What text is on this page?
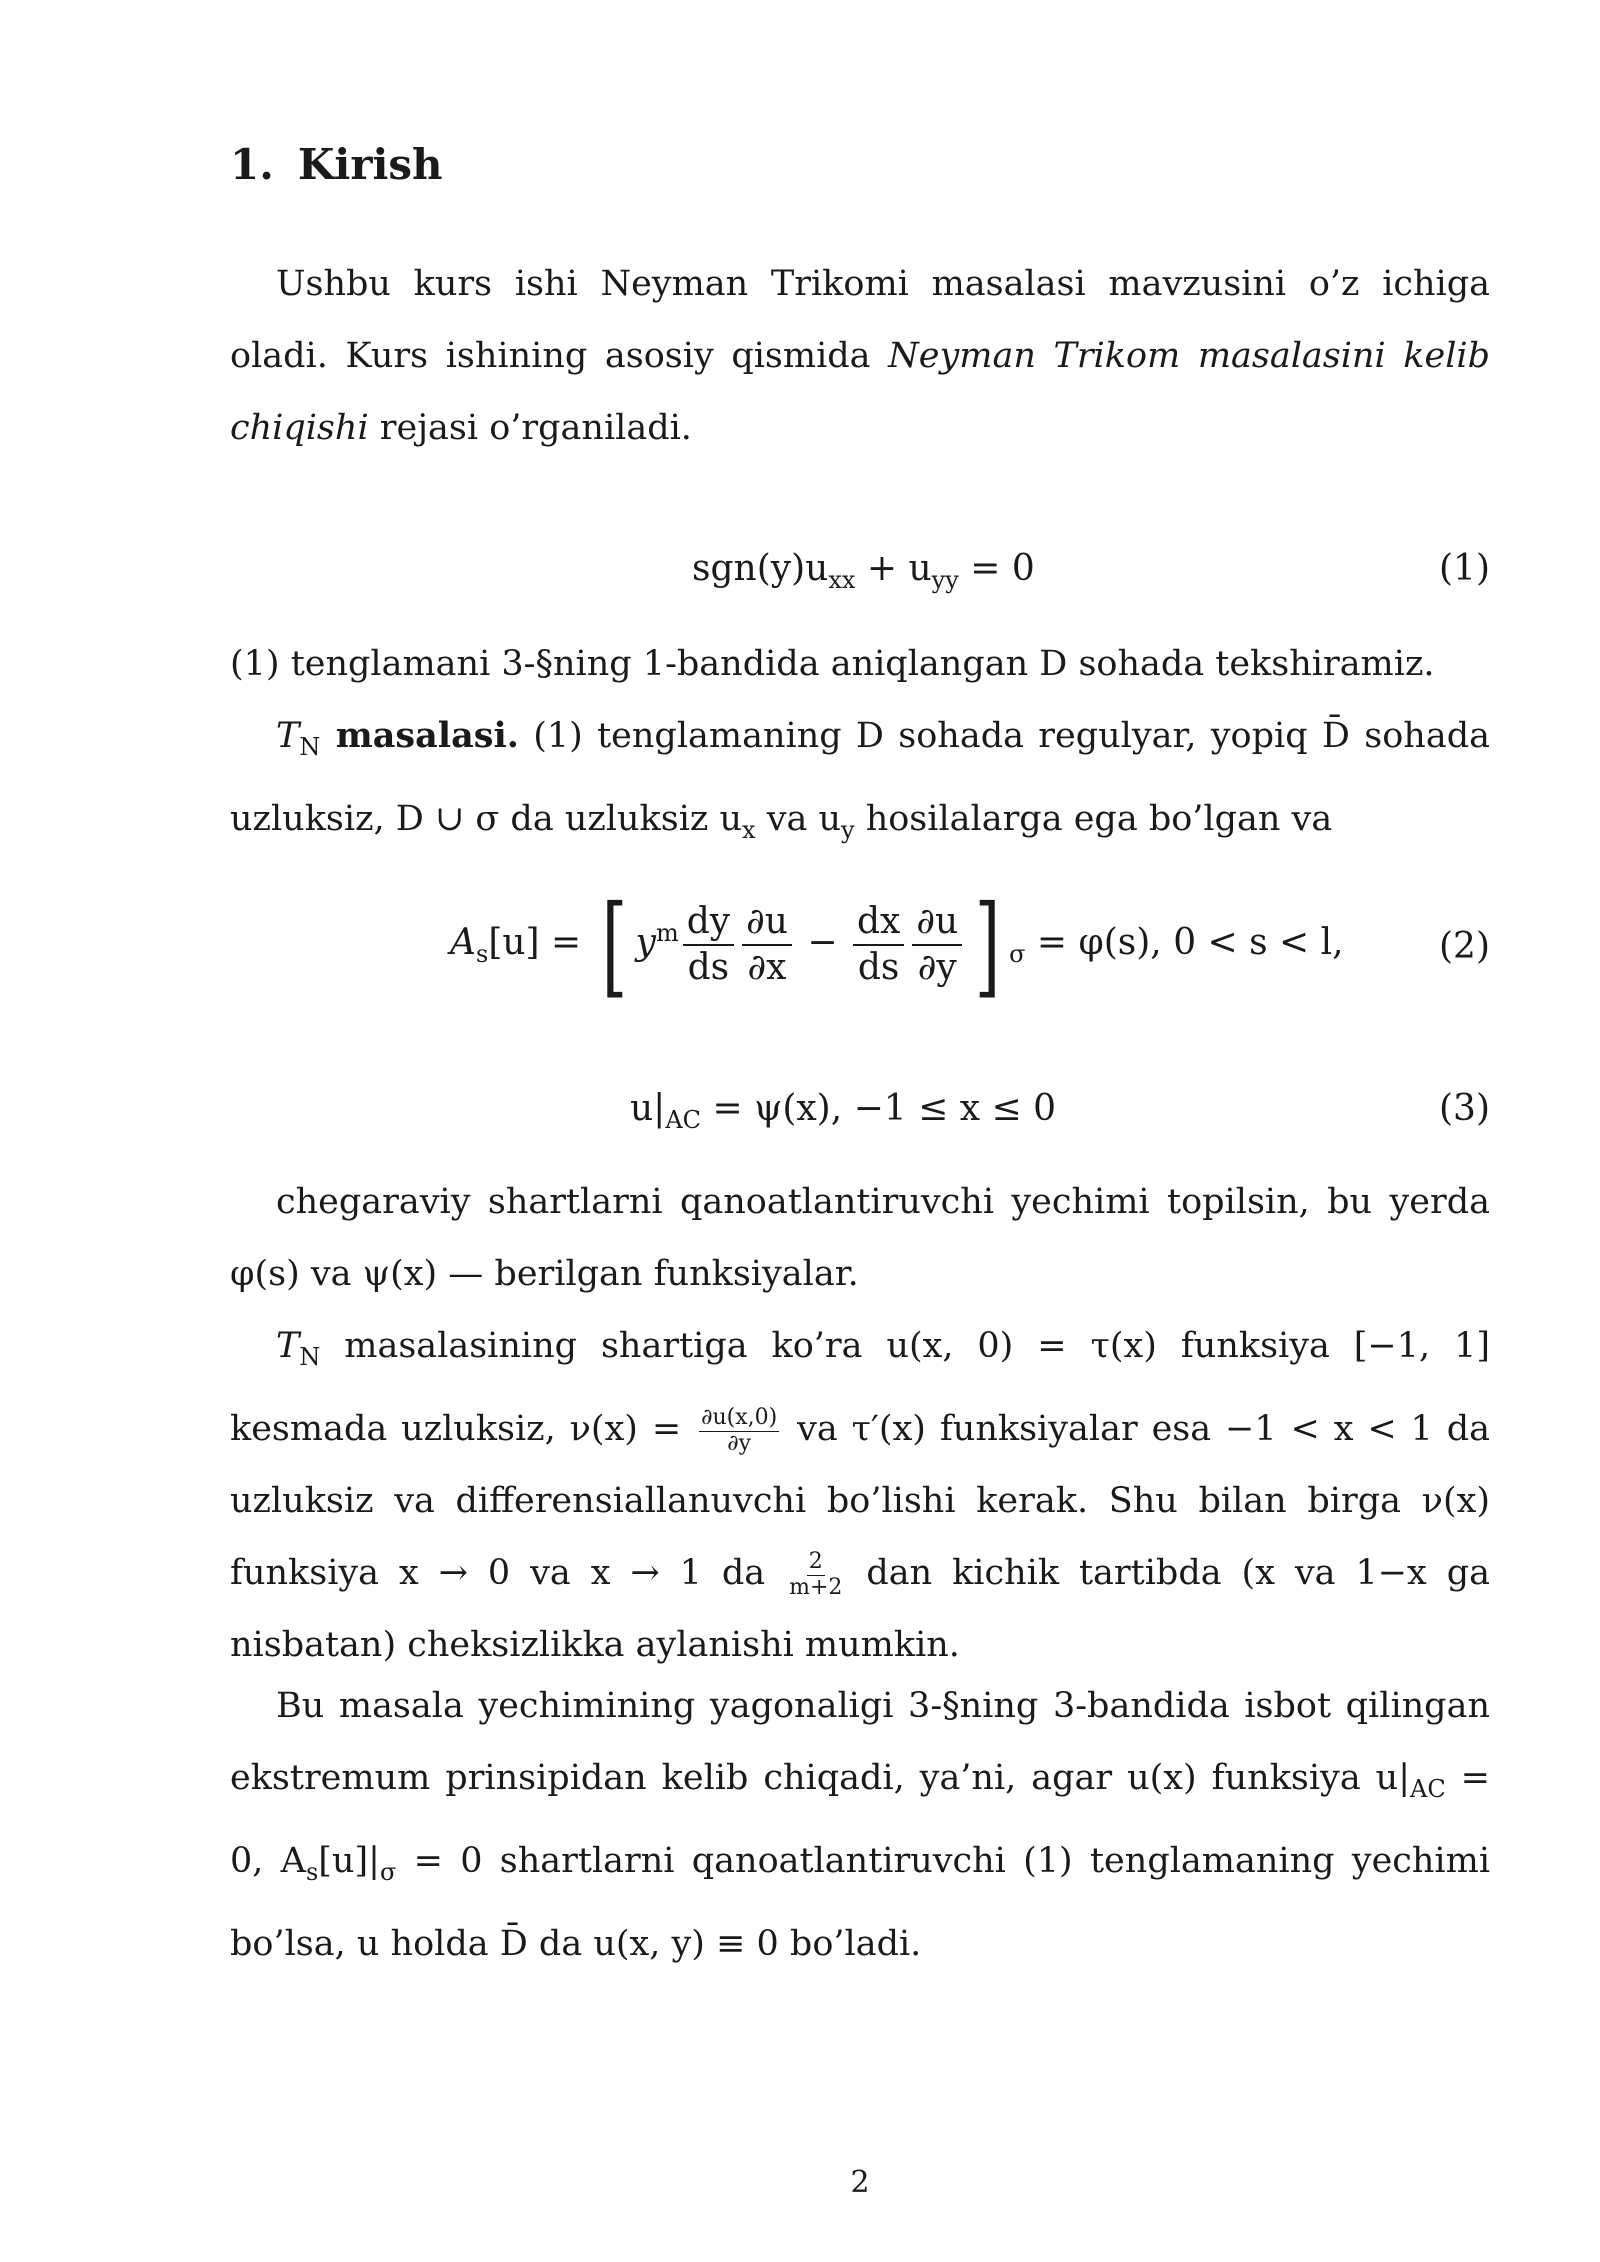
1. Kirish

Ushbu kurs ishi Neyman Trikomi masalasi mavzusini o’z ichiga oladi. Kurs ishining asosiy qismida Neyman Trikom masalasini kelib chiqishi rejasi o’rganiladi.

$sgn(y)u_{xx} + u_{yy} = 0$	(1)

(1) tenglamani 3-§ning 1-bandida aniqlangan D sohada tekshiramiz.

$T_N$ masalasi. (1) tenglamaning D sohada regulyar, yopiq D̄ sohada uzluksiz, D ∪ σ da uzluksiz $u_x$ va $u_y$ hosilalarga ega bo’lgan va

$A_s[u]$ = [ $y^m \frac{dy}{ds} \frac{\partial u}{\partial x} - \frac{dx}{ds} \frac{\partial u}{\partial y}$ ] $_\sigma$ = φ(s), 0 < s < l,	(2)
$u|_{AC} = \psi(x)$, −1 ≤ x ≤ 0	(3)

chegaraviy shartlarni qanoatlantiruvchi yechimi topilsin, bu yerda φ(s) va ψ(x) — berilgan funksiyalar.

$T_N$ masalasining shartiga ko’ra u(x, 0) = τ(x) funksiya [−1, 1] kesmada uzluksiz, $\nu(x) = \frac{\partial u(x,0)}{\partial y}$ va τ′(x) funksiyalar esa −1 < x < 1 da uzluksiz va differensiallanuvchi bo’lishi kerak. Shu bilan birga ν(x) funksiya x → 0 va x → 1 da $\frac{2}{m+2}$ dan kichik tartibda (x va 1−x ga nisbatan) cheksizlikka aylanishi mumkin.

Bu masala yechimining yagonaligi 3-§ning 3-bandida isbot qilingan ekstremum prinsipidan kelib chiqadi, ya’ni, agar u(x) funksiya $u|_{AC} = 0$, $A_s[u]|_\sigma = 0$ shartlarni qanoatlantiruvchi (1) tenglamaning yechimi bo’lsa, u holda D̄ da u(x, y) ≡ 0 bo’ladi.

2
